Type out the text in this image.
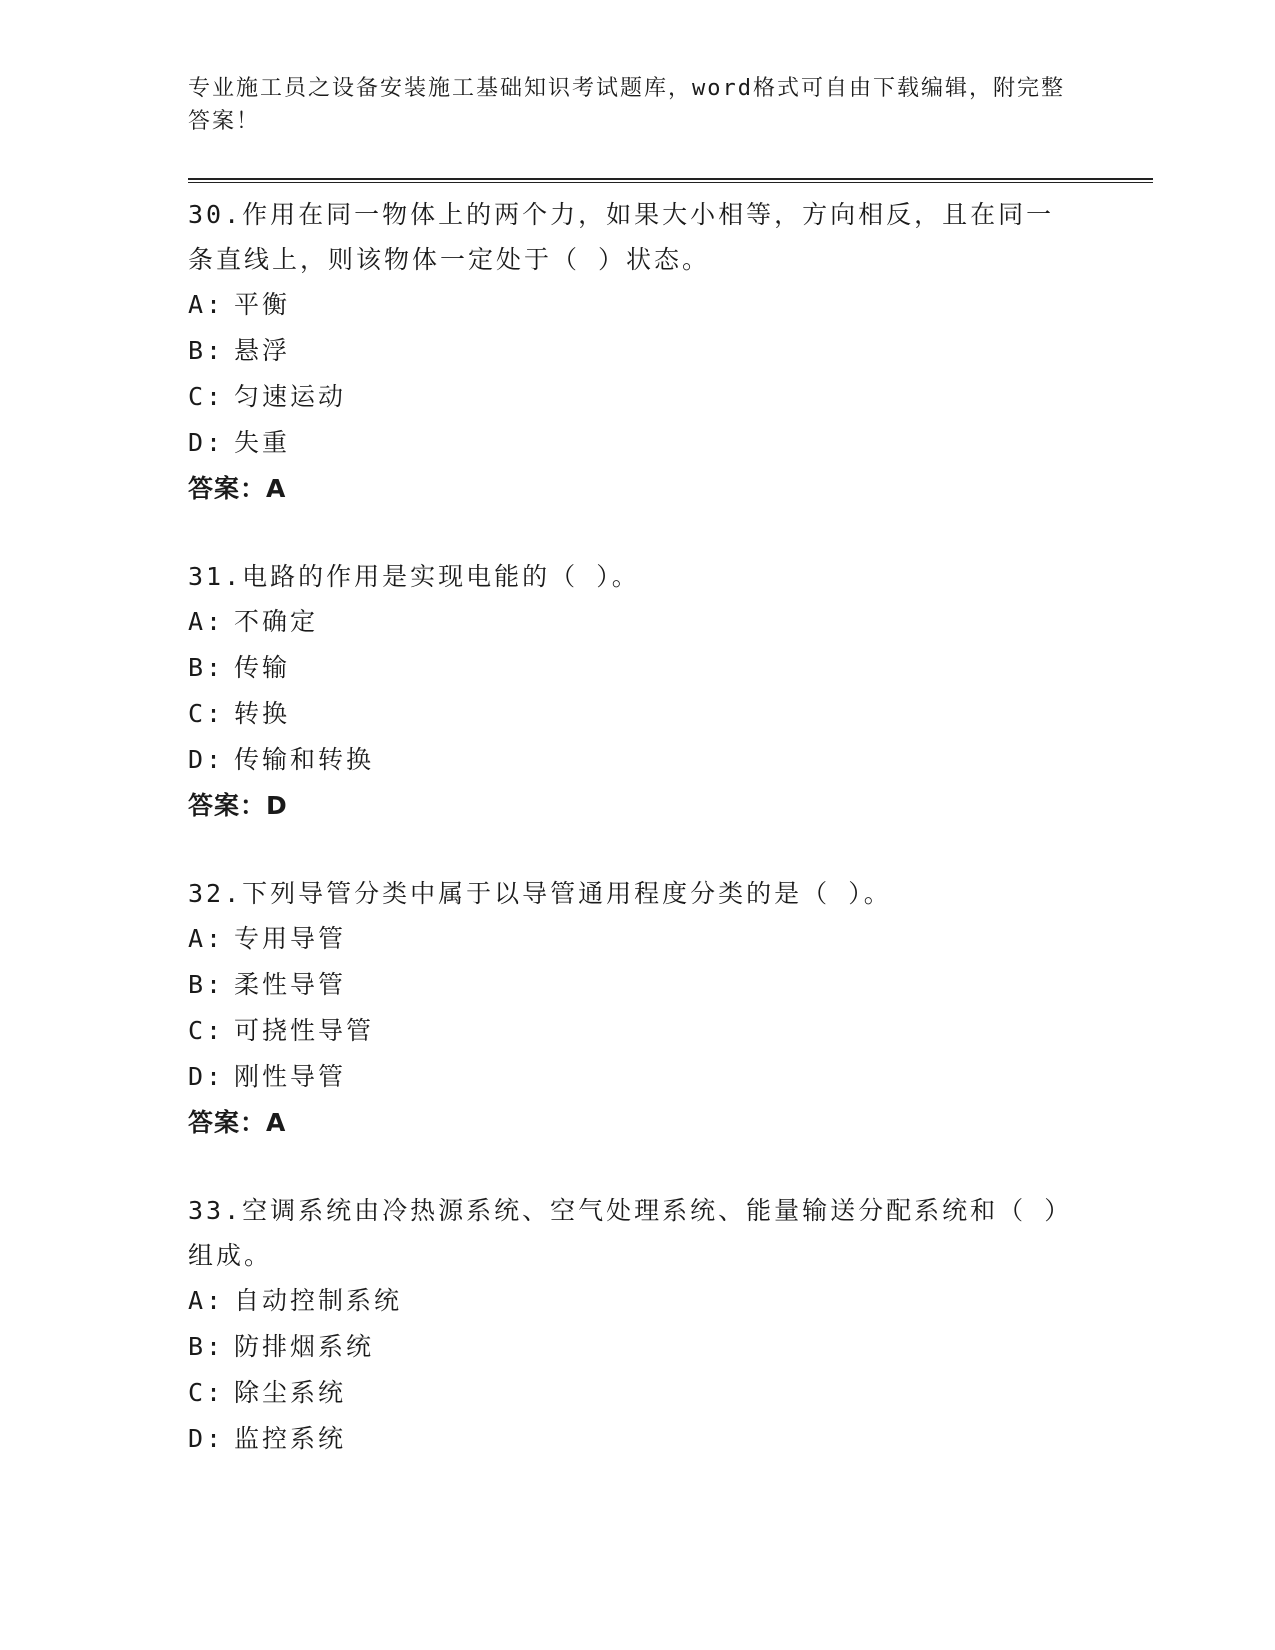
专业施工员之设备安装施工基础知识考试题库，word格式可自由下载编辑，附完整答案！
30.作用在同一物体上的两个力，如果大小相等，方向相反，且在同一条直线上，则该物体一定处于（ ）状态。
A: 平衡
B: 悬浮
C: 匀速运动
D: 失重
答案：A
31.电路的作用是实现电能的（ ）。
A: 不确定
B: 传输
C: 转换
D: 传输和转换
答案：D
32.下列导管分类中属于以导管通用程度分类的是（ ）。
A: 专用导管
B: 柔性导管
C: 可挠性导管
D: 刚性导管
答案：A
33.空调系统由冷热源系统、空气处理系统、能量输送分配系统和（ ）组成。
A: 自动控制系统
B: 防排烟系统
C: 除尘系统
D: 监控系统
